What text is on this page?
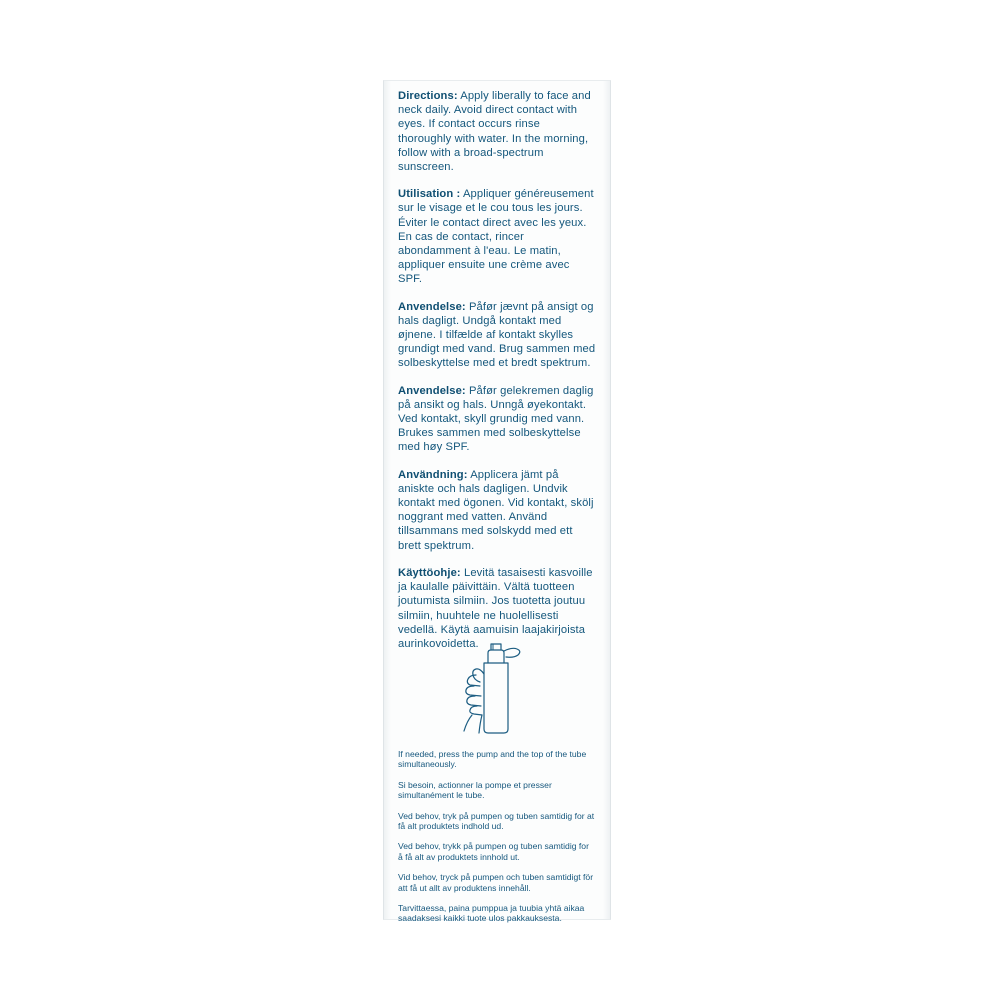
Directions: Apply liberally to face and neck daily. Avoid direct contact with eyes. If contact occurs rinse thoroughly with water. In the morning, follow with a broad-spectrum sunscreen.

Utilisation : Appliquer généreusement sur le visage et le cou tous les jours. Éviter le contact direct avec les yeux. En cas de contact, rincer abondamment à l'eau. Le matin, appliquer ensuite une crème avec SPF.

Anvendelse: Påfør jævnt på ansigt og hals dagligt. Undgå kontakt med øjnene. I tilfælde af kontakt skylles grundigt med vand. Brug sammen med solbeskyttelse med et bredt spektrum.

Anvendelse: Påfør gelekremen daglig på ansikt og hals. Unngå øyekontakt. Ved kontakt, skyll grundig med vann. Brukes sammen med solbeskyttelse med høy SPF.

Användning: Applicera jämt på aniskte och hals dagligen. Undvik kontakt med ögonen. Vid kontakt, skölj noggrant med vatten. Använd tillsammans med solskydd med ett brett spektrum.

Käyttöohje: Levitä tasaisesti kasvoille ja kaulalle päivittäin. Vältä tuotteen joutumista silmiin. Jos tuotetta joutuu silmiin, huuhtele ne huolellisesti vedellä. Käytä aamuisin laajakirjoista aurinkovoidetta.

If needed, press the pump and the top of the tube simultaneously.

Si besoin, actionner la pompe et presser simultanément le tube.

Ved behov, tryk på pumpen og tuben samtidig for at få alt produktets indhold ud.

Ved behov, trykk på pumpen og tuben samtidig for å få alt av produktets innhold ut.

Vid behov, tryck på pumpen och tuben samtidigt för att få ut allt av produktens innehåll.

Tarvittaessa, paina pumppua ja tuubia yhtä aikaa saadaksesi kaikki tuote ulos pakkauksesta.
